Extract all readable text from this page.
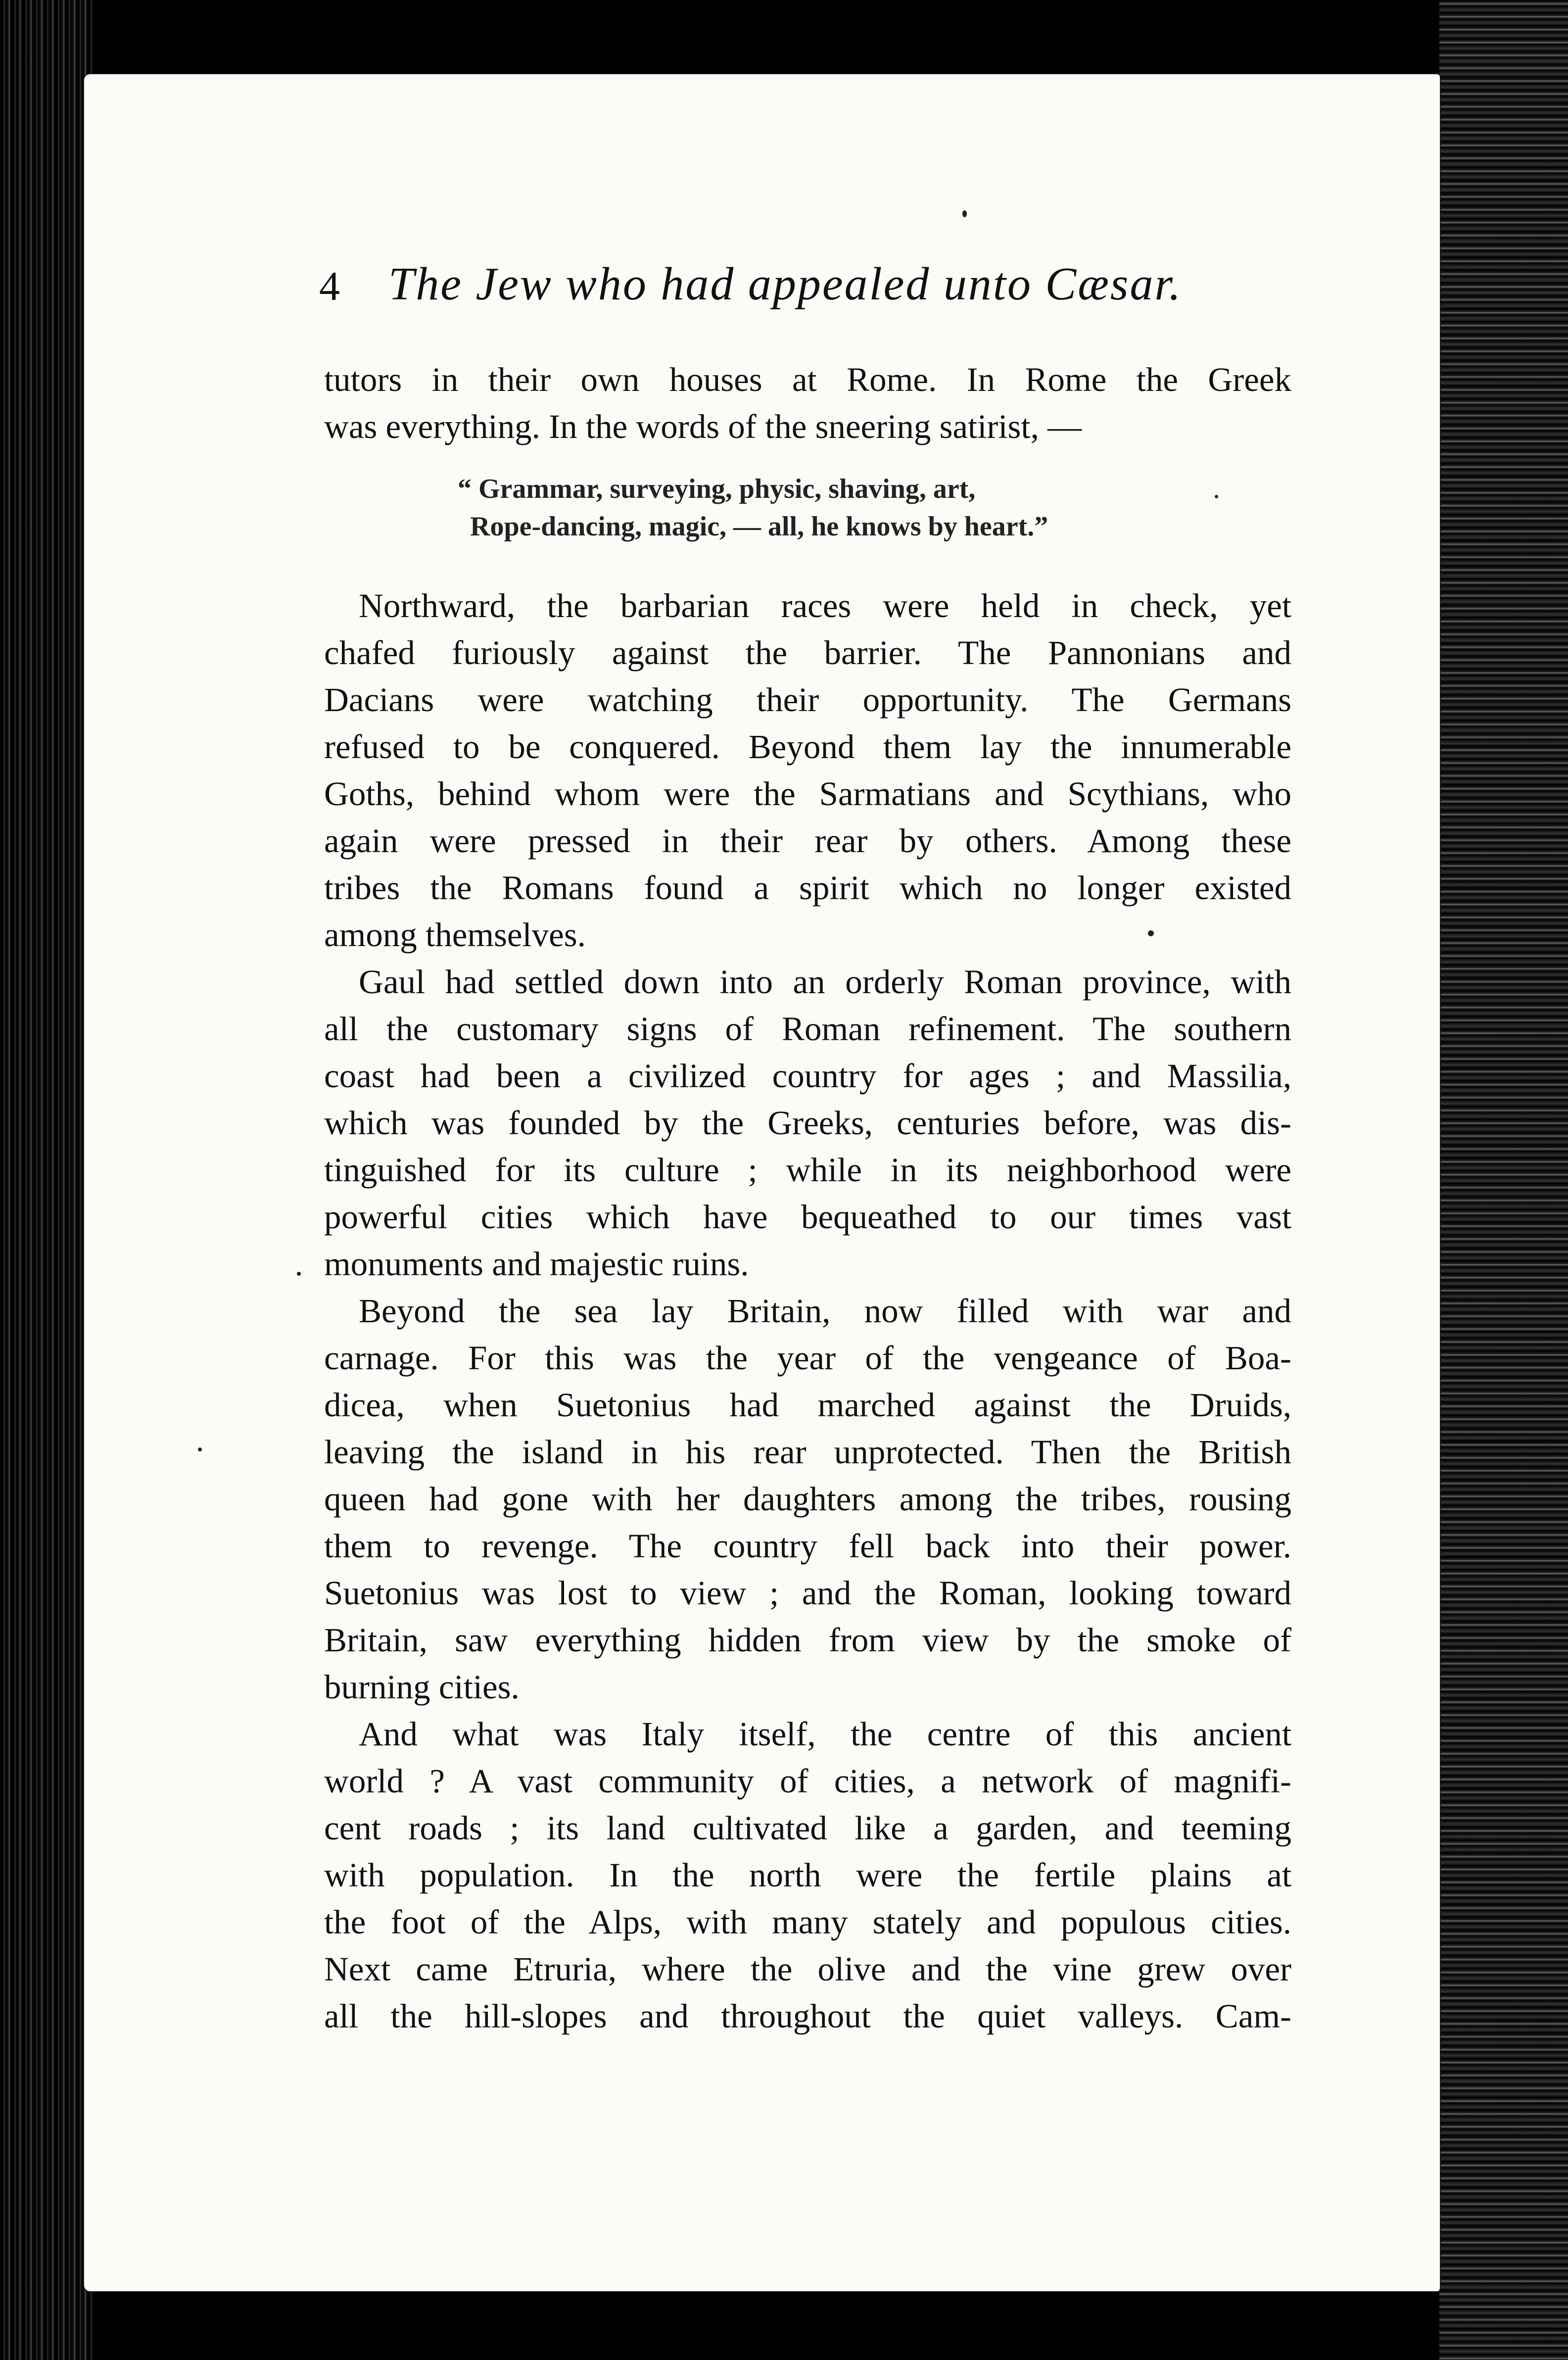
4 The Jew who had appealed unto Cæsar.
tutors in their own houses at Rome. In Rome the Greek
was everything. In the words of the sneering satirist, —
“ Grammar, surveying, physic, shaving, art,
Rope-dancing, magic, — all, he knows by heart.”
Northward, the barbarian races were held in check, yet
chafed furiously against the barrier. The Pannonians and
Dacians were watching their opportunity. The Germans
refused to be conquered. Beyond them lay the innumerable
Goths, behind whom were the Sarmatians and Scythians, who
again were pressed in their rear by others. Among these
tribes the Romans found a spirit which no longer existed
among themselves.
Gaul had settled down into an orderly Roman province, with
all the customary signs of Roman refinement. The southern
coast had been a civilized country for ages ; and Massilia,
which was founded by the Greeks, centuries before, was dis-
tinguished for its culture ; while in its neighborhood were
powerful cities which have bequeathed to our times vast
monuments and majestic ruins.
Beyond the sea lay Britain, now filled with war and
carnage. For this was the year of the vengeance of Boa-
dicea, when Suetonius had marched against the Druids,
leaving the island in his rear unprotected. Then the British
queen had gone with her daughters among the tribes, rousing
them to revenge. The country fell back into their power.
Suetonius was lost to view ; and the Roman, looking toward
Britain, saw everything hidden from view by the smoke of
burning cities.
And what was Italy itself, the centre of this ancient
world ? A vast community of cities, a network of magnifi-
cent roads ; its land cultivated like a garden, and teeming
with population. In the north were the fertile plains at
the foot of the Alps, with many stately and populous cities.
Next came Etruria, where the olive and the vine grew over
all the hill-slopes and throughout the quiet valleys. Cam-
